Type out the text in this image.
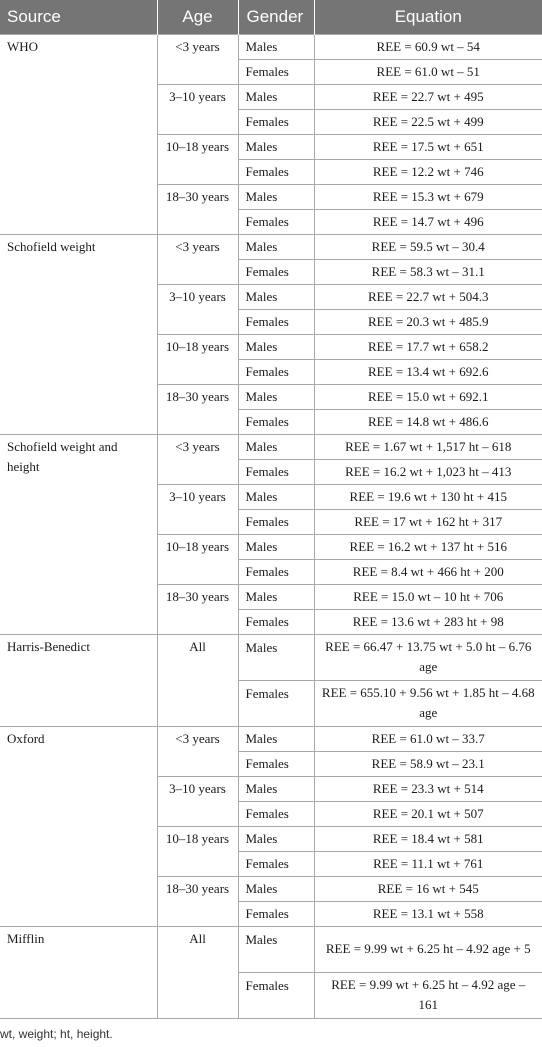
Source	Age	Gender	Equation
WHO	<3 years	Males	REE = 60.9 wt – 54
		Females	REE = 61.0 wt – 51
	3–10 years	Males	REE = 22.7 wt + 495
		Females	REE = 22.5 wt + 499
	10–18 years	Males	REE = 17.5 wt + 651
		Females	REE = 12.2 wt + 746
	18–30 years	Males	REE = 15.3 wt + 679
		Females	REE = 14.7 wt + 496
Schofield weight	<3 years	Males	REE = 59.5 wt – 30.4
		Females	REE = 58.3 wt – 31.1
	3–10 years	Males	REE = 22.7 wt + 504.3
		Females	REE = 20.3 wt + 485.9
	10–18 years	Males	REE = 17.7 wt + 658.2
		Females	REE = 13.4 wt + 692.6
	18–30 years	Males	REE = 15.0 wt + 692.1
		Females	REE = 14.8 wt + 486.6
Schofield weight and height	<3 years	Males	REE = 1.67 wt + 1,517 ht – 618
		Females	REE = 16.2 wt + 1,023 ht – 413
	3–10 years	Males	REE = 19.6 wt + 130 ht + 415
		Females	REE = 17 wt + 162 ht + 317
	10–18 years	Males	REE = 16.2 wt + 137 ht + 516
		Females	REE = 8.4 wt + 466 ht + 200
	18–30 years	Males	REE = 15.0 wt – 10 ht + 706
		Females	REE = 13.6 wt + 283 ht + 98
Harris-Benedict	All	Males	REE = 66.47 + 13.75 wt + 5.0 ht – 6.76 age
		Females	REE = 655.10 + 9.56 wt + 1.85 ht – 4.68 age
Oxford	<3 years	Males	REE = 61.0 wt – 33.7
		Females	REE = 58.9 wt – 23.1
	3–10 years	Males	REE = 23.3 wt + 514
		Females	REE = 20.1 wt + 507
	10–18 years	Males	REE = 18.4 wt + 581
		Females	REE = 11.1 wt + 761
	18–30 years	Males	REE = 16 wt + 545
		Females	REE = 13.1 wt + 558
Mifflin	All	Males	REE = 9.99 wt + 6.25 ht – 4.92 age + 5
		Females	REE = 9.99 wt + 6.25 ht – 4.92 age – 161
wt, weight; ht, height.
